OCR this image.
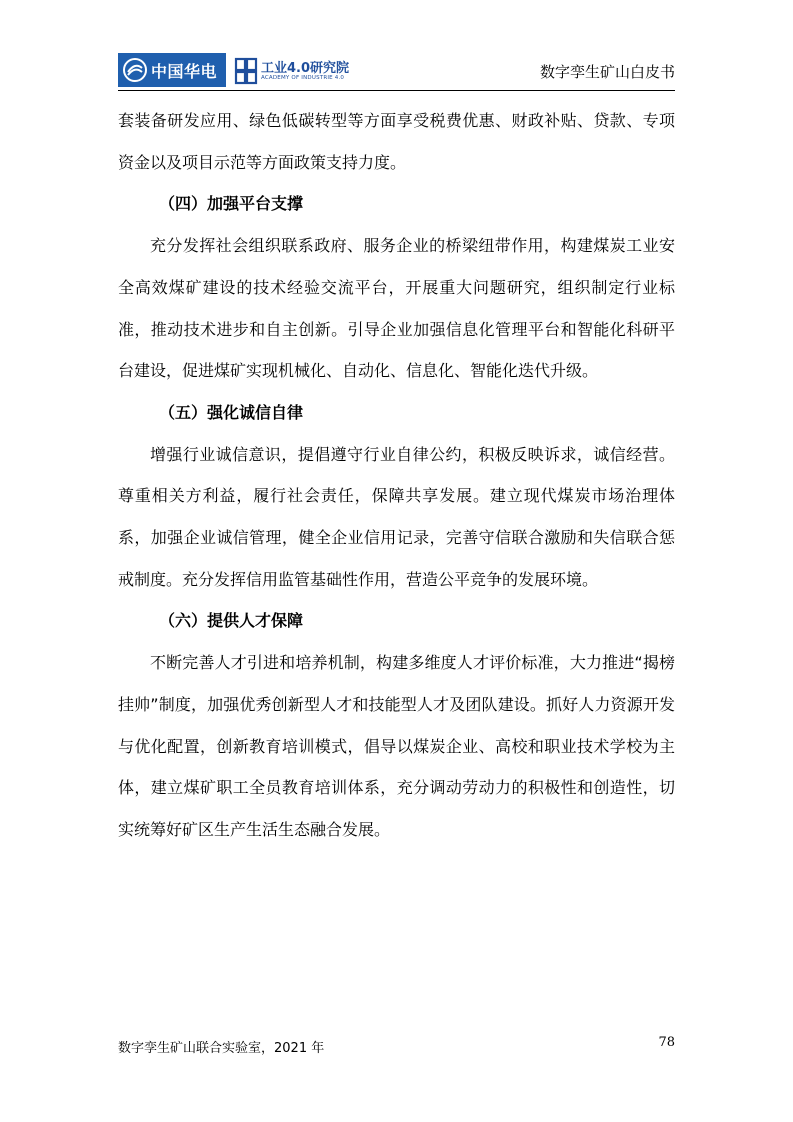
中国华电	工业4.0研究院
ACADEMY OF INDUSTRIE 4.0	数字孪生矿山白皮书

套装备研发应用、绿色低碳转型等方面享受税费优惠、财政补贴、贷款、专项资金以及项目示范等方面政策支持力度。

（四）加强平台支撑

充分发挥社会组织联系政府、服务企业的桥梁纽带作用，构建煤炭工业安全高效煤矿建设的技术经验交流平台，开展重大问题研究，组织制定行业标准，推动技术进步和自主创新。引导企业加强信息化管理平台和智能化科研平台建设，促进煤矿实现机械化、自动化、信息化、智能化迭代升级。

（五）强化诚信自律

增强行业诚信意识，提倡遵守行业自律公约，积极反映诉求，诚信经营。尊重相关方利益，履行社会责任，保障共享发展。建立现代煤炭市场治理体系，加强企业诚信管理，健全企业信用记录，完善守信联合激励和失信联合惩戒制度。充分发挥信用监管基础性作用，营造公平竞争的发展环境。

（六）提供人才保障

不断完善人才引进和培养机制，构建多维度人才评价标准，大力推进“揭榜挂帅”制度，加强优秀创新型人才和技能型人才及团队建设。抓好人力资源开发与优化配置，创新教育培训模式，倡导以煤炭企业、高校和职业技术学校为主体，建立煤矿职工全员教育培训体系，充分调动劳动力的积极性和创造性，切实统筹好矿区生产生活生态融合发展。

数字孪生矿山联合实验室，2021 年	78
